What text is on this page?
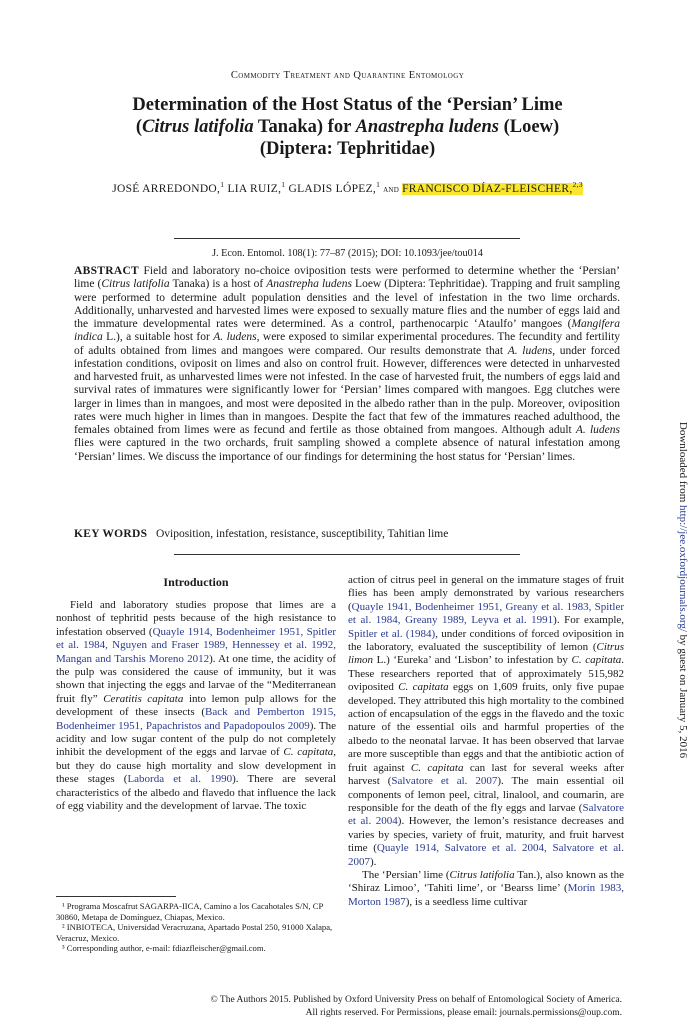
Commodity Treatment and Quarantine Entomology
Determination of the Host Status of the ‘Persian’ Lime
(Citrus latifolia Tanaka) for Anastrepha ludens (Loew)
(Diptera: Tephritidae)
JOSÉ ARREDONDO,$^1$ LIA RUIZ,$^1$ GLADIS LÓPEZ,$^1$ and FRANCISCO DÍAZ-FLEISCHER,$^{2,3}$
J. Econ. Entomol. 108(1): 77–87 (2015); DOI: 10.1093/jee/tou014
ABSTRACT Field and laboratory no-choice oviposition tests were performed to determine whether the ‘Persian’ lime (Citrus latifolia Tanaka) is a host of Anastrepha ludens Loew (Diptera: Tephritidae). Trapping and fruit sampling were performed to determine adult population densities and the level of infestation in the two lime orchards. Additionally, unharvested and harvested limes were exposed to sexually mature flies and the number of eggs laid and the immature developmental rates were determined. As a control, parthenocarpic ‘Ataulfo’ mangoes (Mangifera indica L.), a suitable host for A. ludens, were exposed to similar experimental procedures. The fecundity and fertility of adults obtained from limes and mangoes were compared. Our results demonstrate that A. ludens, under forced infestation conditions, oviposit on limes and also on control fruit. However, differences were detected in unharvested and harvested fruit, as unharvested limes were not infested. In the case of harvested fruit, the numbers of eggs laid and survival rates of immatures were significantly lower for ‘Persian’ limes compared with mangoes. Egg clutches were larger in limes than in mangoes, and most were deposited in the albedo rather than in the pulp. Moreover, oviposition rates were much higher in limes than in mangoes. Despite the fact that few of the immatures reached adulthood, the females obtained from limes were as fecund and fertile as those obtained from mangoes. Although adult A. ludens flies were captured in the two orchards, fruit sampling showed a complete absence of natural infestation among ‘Persian’ limes. We discuss the importance of our findings for determining the host status for ‘Persian’ limes.
KEY WORDS Oviposition, infestation, resistance, susceptibility, Tahitian lime
Introduction

Field and laboratory studies propose that limes are a nonhost of tephritid pests because of the high resistance to infestation observed (Quayle 1914, Bodenheimer 1951, Spitler et al. 1984, Nguyen and Fraser 1989, Hennessey et al. 1992, Mangan and Tarshis Moreno 2012). At one time, the acidity of the pulp was considered the cause of immunity, but it was shown that injecting the eggs and larvae of the “Mediterranean fruit fly” Ceratitis capitata into lemon pulp allows for the development of these insects (Back and Pemberton 1915, Bodenheimer 1951, Papachristos and Papadopoulos 2009). The acidity and low sugar content of the pulp do not completely inhibit the development of the eggs and larvae of C. capitata, but they do cause high mortality and slow development in these stages (Laborda et al. 1990). There are several characteristics of the albedo and flavedo that influence the lack of egg viability and the development of larvae. The toxic

action of citrus peel in general on the immature stages of fruit flies has been amply demonstrated by various researchers (Quayle 1941, Bodenheimer 1951, Greany et al. 1983, Spitler et al. 1984, Greany 1989, Leyva et al. 1991). For example, Spitler et al. (1984), under conditions of forced oviposition in the laboratory, evaluated the susceptibility of lemon (Citrus limon L.) ‘Eureka’ and ‘Lisbon’ to infestation by C. capitata. These researchers reported that of approximately 515,982 oviposited C. capitata eggs on 1,609 fruits, only five pupae developed. They attributed this high mortality to the combined action of encapsulation of the eggs in the flavedo and the toxic nature of the essential oils and harmful properties of the albedo to the neonatal larvae. It has been observed that larvae are more susceptible than eggs and that the antibiotic action of fruit against C. capitata can last for several weeks after harvest (Salvatore et al. 2007). The main essential oil components of lemon peel, citral, linalool, and coumarin, are responsible for the death of the fly eggs and larvae (Salvatore et al. 2004). However, the lemon’s resistance decreases and varies by species, variety of fruit, maturity, and fruit harvest time (Quayle 1914, Salvatore et al. 2004, Salvatore et al. 2007).

The ‘Persian’ lime (Citrus latifolia Tan.), also known as the ‘Shiraz Limoo’, ‘Tahiti lime’, or ‘Bearss lime’ (Morín 1983, Morton 1987), is a seedless lime cultivar

¹ Programa Moscafrut SAGARPA-IICA, Camino a los Cacahotales S/N, CP 30860, Metapa de Domínguez, Chiapas, Mexico.
² INBIOTECA, Universidad Veracruzana, Apartado Postal 250, 91000 Xalapa, Veracruz, Mexico.
³ Corresponding author, e-mail: fdiazfleischer@gmail.com.
© The Authors 2015. Published by Oxford University Press on behalf of Entomological Society of America.
All rights reserved. For Permissions, please email: journals.permissions@oup.com.
Downloaded from http://jee.oxfordjournals.org/ by guest on January 5, 2016
